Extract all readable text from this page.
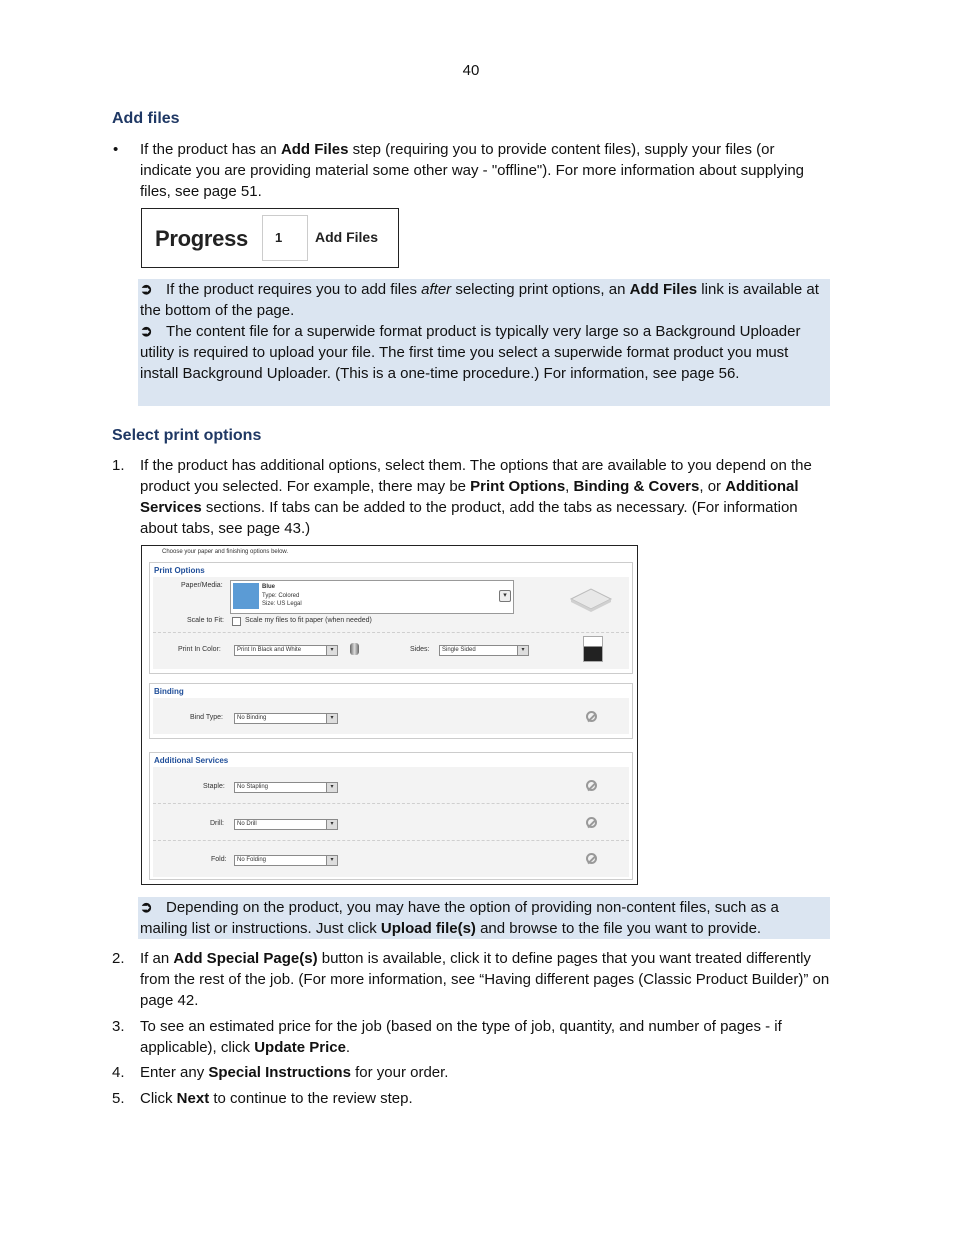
40
Add files
• If the product has an Add Files step (requiring you to provide content files), supply your files (or indicate you are providing material some other way - "offline"). For more information about supplying files, see page 51.
Progress 1 Add Files
➲ If the product requires you to add files after selecting print options, an Add Files link is available at the bottom of the page.
➲ The content file for a superwide format product is typically very large so a Background Uploader utility is required to upload your file. The first time you select a superwide format product you must install Background Uploader. (This is a one-time procedure.) For information, see page 56.
Select print options
1. If the product has additional options, select them. The options that are available to you depend on the product you selected. For example, there may be Print Options, Binding & Covers, or Additional Services sections. If tabs can be added to the product, add the tabs as necessary. (For information about tabs, see page 43.)
Choose your paper and finishing options below.
Print Options
Paper/Media:	Blue
Type: Colored
Size: US Legal
▾
Scale to Fit:	Scale my files to fit paper (when needed)
Print In Color:	Print In Black and White	▾	Sides:	Single Sided	▾
Binding
Bind Type:	No Binding	▾
Additional Services
Staple:	No Stapling	▾
Drill:	No Drill	▾
Fold:	No Folding	▾
➲ Depending on the product, you may have the option of providing non-content files, such as a mailing list or instructions. Just click Upload file(s) and browse to the file you want to provide.
2. If an Add Special Page(s) button is available, click it to define pages that you want treated differently from the rest of the job. (For more information, see “Having different pages (Classic Product Builder)” on page 42.
3. To see an estimated price for the job (based on the type of job, quantity, and number of pages - if applicable), click Update Price.
4. Enter any Special Instructions for your order.
5. Click Next to continue to the review step.
